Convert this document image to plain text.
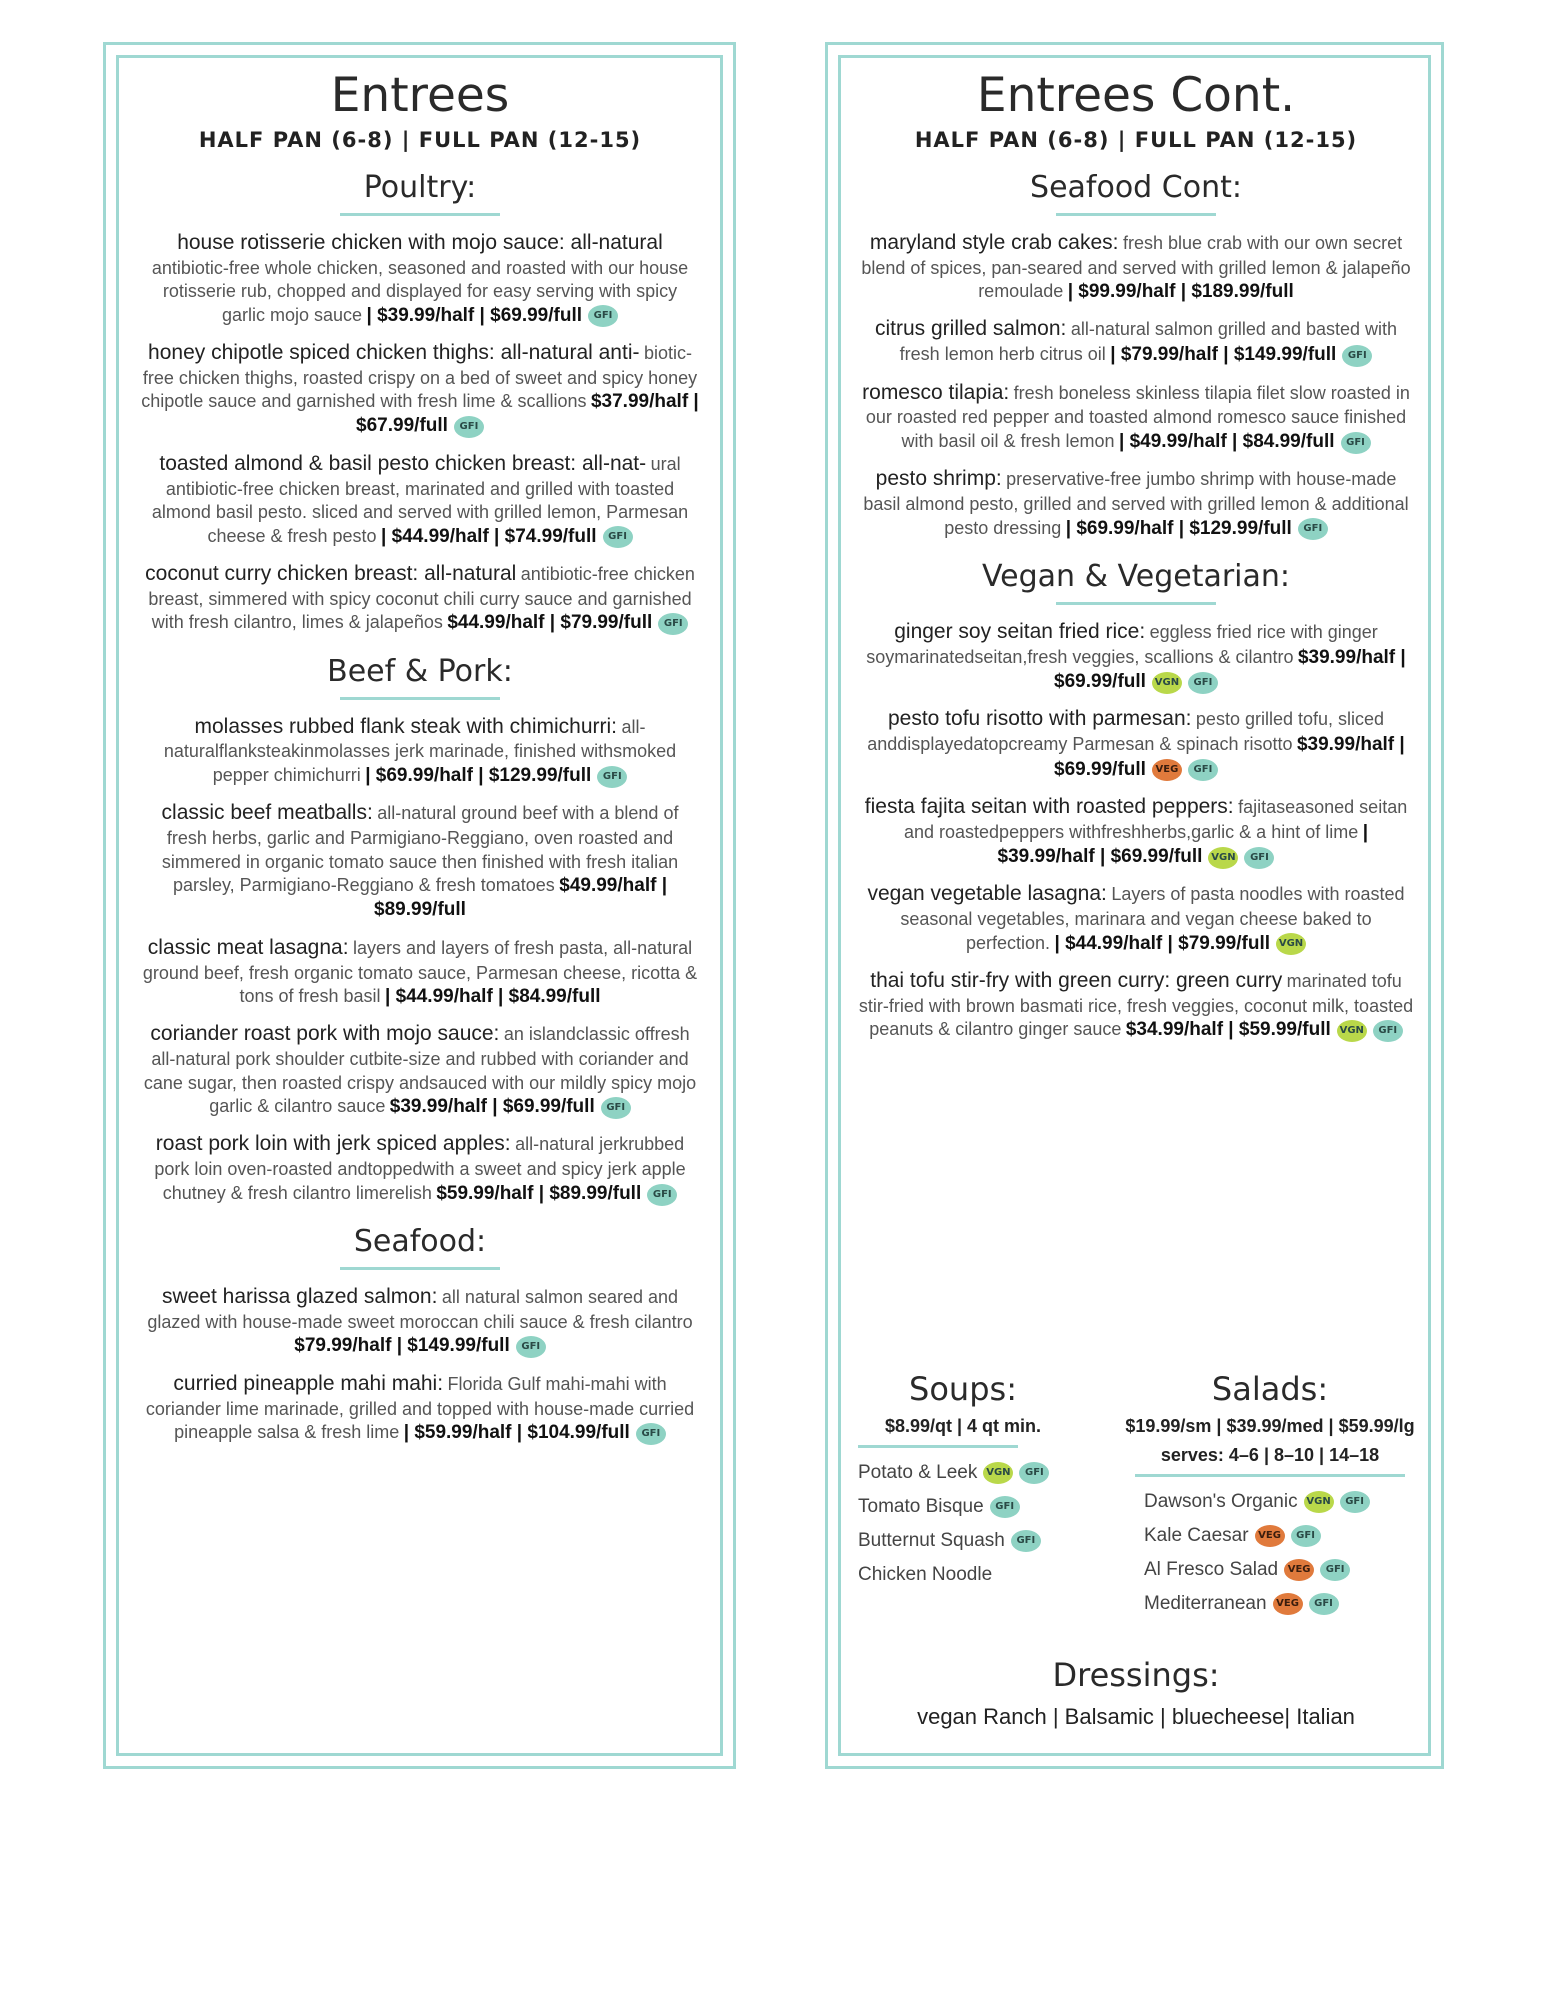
Entrees
HALF PAN (6-8) | FULL PAN (12-15)
Poultry:
house rotisserie chicken with mojo sauce: all-natural antibiotic-free whole chicken, seasoned and roasted with our house rotisserie rub, chopped and displayed for easy serving with spicy garlic mojo sauce | $39.99/half | $69.99/full GFI
honey chipotle spiced chicken thighs: all-natural anti- biotic-free chicken thighs, roasted crispy on a bed of sweet and spicy honey chipotle sauce and garnished with fresh lime & scallions $37.99/half | $67.99/full GFI
toasted almond & basil pesto chicken breast: all-nat- ural antibiotic-free chicken breast, marinated and grilled with toasted almond basil pesto. sliced and served with grilled lemon, Parmesan cheese & fresh pesto | $44.99/half | $74.99/full GFI
coconut curry chicken breast: all-natural antibiotic-free chicken breast, simmered with spicy coconut chili curry sauce and garnished with fresh cilantro, limes & jalapeños $44.99/half | $79.99/full GFI
Beef & Pork:
molasses rubbed flank steak with chimichurri: all-naturalflanksteakinmolasses jerk marinade, finished withsmoked pepper chimichurri | $69.99/half | $129.99/full GFI
classic beef meatballs: all-natural ground beef with a blend of fresh herbs, garlic and Parmigiano-Reggiano, oven roasted and simmered in organic tomato sauce then finished with fresh italian parsley, Parmigiano-Reggiano & fresh tomatoes $49.99/half | $89.99/full
classic meat lasagna: layers and layers of fresh pasta, all-natural ground beef, fresh organic tomato sauce, Parmesan cheese, ricotta & tons of fresh basil | $44.99/half | $84.99/full
coriander roast pork with mojo sauce: an islandclassic offresh all-natural pork shoulder cutbite-size and rubbed with coriander and cane sugar, then roasted crispy andsauced with our mildly spicy mojo garlic & cilantro sauce $39.99/half | $69.99/full GFI
roast pork loin with jerk spiced apples: all-natural jerkrubbed pork loin oven-roasted andtoppedwith a sweet and spicy jerk apple chutney & fresh cilantro limerelish $59.99/half | $89.99/full GFI
Seafood:
sweet harissa glazed salmon: all natural salmon seared and glazed with house-made sweet moroccan chili sauce & fresh cilantro $79.99/half | $149.99/full GFI
curried pineapple mahi mahi: Florida Gulf mahi-mahi with coriander lime marinade, grilled and topped with house-made curried pineapple salsa & fresh lime | $59.99/half | $104.99/full GFI
Entrees Cont.
HALF PAN (6-8) | FULL PAN (12-15)
Seafood Cont:
maryland style crab cakes: fresh blue crab with our own secret blend of spices, pan-seared and served with grilled lemon & jalapeño remoulade | $99.99/half | $189.99/full
citrus grilled salmon: all-natural salmon grilled and basted with fresh lemon herb citrus oil | $79.99/half | $149.99/full GFI
romesco tilapia: fresh boneless skinless tilapia filet slow roasted in our roasted red pepper and toasted almond romesco sauce finished with basil oil & fresh lemon | $49.99/half | $84.99/full GFI
pesto shrimp: preservative-free jumbo shrimp with house-made basil almond pesto, grilled and served with grilled lemon & additional pesto dressing | $69.99/half | $129.99/full GFI
Vegan & Vegetarian:
ginger soy seitan fried rice: eggless fried rice with ginger soymarinatedseitan,fresh veggies, scallions & cilantro $39.99/half | $69.99/full VGN GFI
pesto tofu risotto with parmesan: pesto grilled tofu, sliced anddisplayedatopcreamy Parmesan & spinach risotto $39.99/half | $69.99/full VEG GFI
fiesta fajita seitan with roasted peppers: fajitaseasoned seitan and roastedpeppers withfreshherbs,garlic & a hint of lime | $39.99/half | $69.99/full VGN GFI
vegan vegetable lasagna: Layers of pasta noodles with roasted seasonal vegetables, marinara and vegan cheese baked to perfection. | $44.99/half | $79.99/full VGN
thai tofu stir-fry with green curry: green curry marinated tofu stir-fried with brown basmati rice, fresh veggies, coconut milk, toasted peanuts & cilantro ginger sauce $34.99/half | $59.99/full VGN GFI
Soups:
$8.99/qt | 4 qt min.
Potato & Leek VGN GFI
Tomato Bisque GFI
Butternut Squash GFI
Chicken Noodle
Salads:
$19.99/sm | $39.99/med | $59.99/lg
serves: 4–6 | 8–10 | 14–18
Dawson's Organic VGN GFI
Kale Caesar VEG GFI
Al Fresco Salad VEG GFI
Mediterranean VEG GFI
Dressings:
vegan Ranch | Balsamic | bluecheese| Italian
